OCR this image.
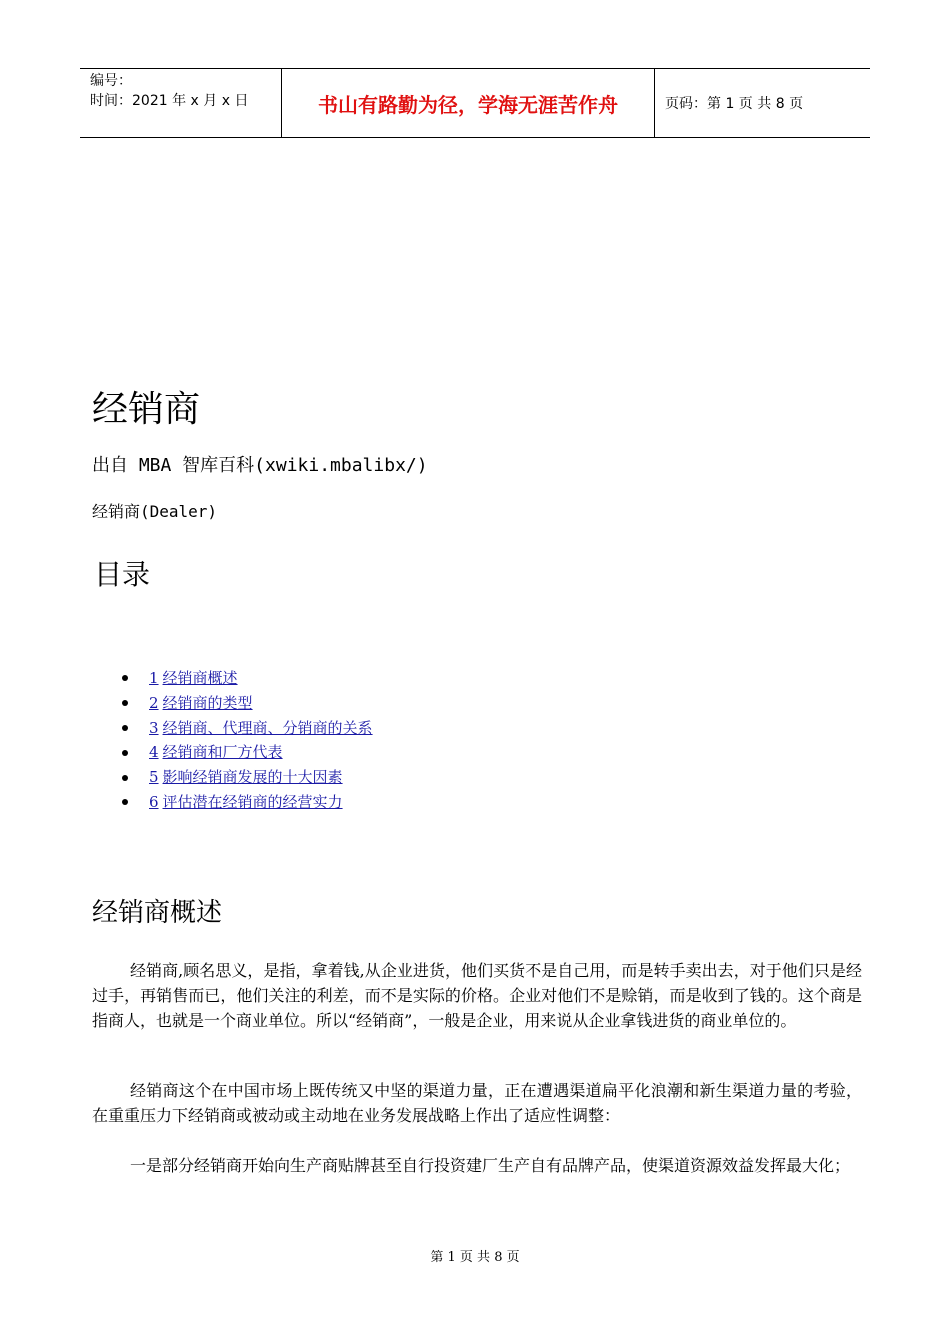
编号：
时间：2021 年 x 月 x 日	书山有路勤为径，学海无涯苦作舟	页码：第 1 页 共 8 页
经销商

出自 MBA 智库百科(xwiki.mbalibx/)

经销商(Dealer)

目录
1 经销商概述
2 经销商的类型
3 经销商、代理商、分销商的关系
4 经销商和厂方代表
5 影响经销商发展的十大因素
6 评估潜在经销商的经营实力
经销商概述

经销商,顾名思义，是指，拿着钱,从企业进货，他们买货不是自己用，而是转手卖出去，对于他们只是经过手，再销售而已，他们关注的利差，而不是实际的价格。企业对他们不是赊销，而是收到了钱的。这个商是指商人，也就是一个商业单位。所以“经销商”，一般是企业，用来说从企业拿钱进货的商业单位的。

经销商这个在中国市场上既传统又中坚的渠道力量，正在遭遇渠道扁平化浪潮和新生渠道力量的考验，在重重压力下经销商或被动或主动地在业务发展战略上作出了适应性调整：

一是部分经销商开始向生产商贴牌甚至自行投资建厂生产自有品牌产品，使渠道资源效益发挥最大化；

第 1 页 共 8 页
